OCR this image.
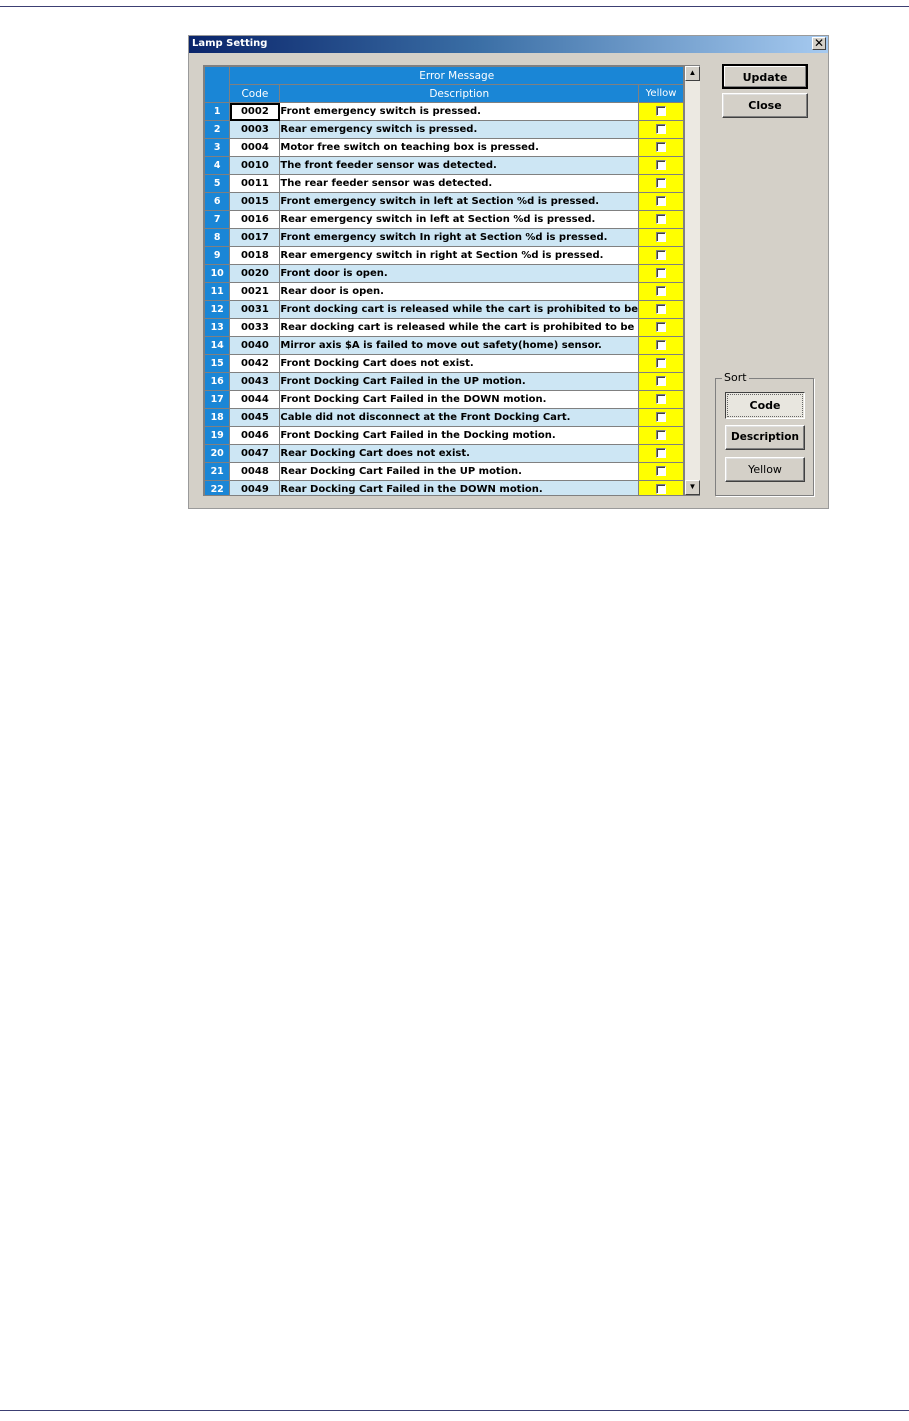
Lamp Setting	✕
	Error Message		
	Code	Description	Yellow
1	0002	Front emergency switch is pressed.	
2	0003	Rear emergency switch is pressed.	
3	0004	Motor free switch on teaching box is pressed.	
4	0010	The front feeder sensor was detected.	
5	0011	The rear feeder sensor was detected.	
6	0015	Front emergency switch in left at Section %d is pressed.	
7	0016	Rear emergency switch in left at Section %d is pressed.	
8	0017	Front emergency switch In right at Section %d is pressed.	
9	0018	Rear emergency switch in right at Section %d is pressed.	
10	0020	Front door is open.	
11	0021	Rear door is open.	
12	0031	Front docking cart is released while the cart is prohibited to be	
13	0033	Rear docking cart is released while the cart is prohibited to be	
14	0040	Mirror axis $A is failed to move out safety(home) sensor.	
15	0042	Front Docking Cart does not exist.	
16	0043	Front Docking Cart Failed in the UP motion.	
17	0044	Front Docking Cart Failed in the DOWN motion.	
18	0045	Cable did not disconnect at the Front Docking Cart.	
19	0046	Front Docking Cart Failed in the Docking motion.	
20	0047	Rear Docking Cart does not exist.	
21	0048	Rear Docking Cart Failed in the UP motion.	
22	0049	Rear Docking Cart Failed in the DOWN motion.	
▲
▼
Update
Close
Sort
Code
Description
Yellow
